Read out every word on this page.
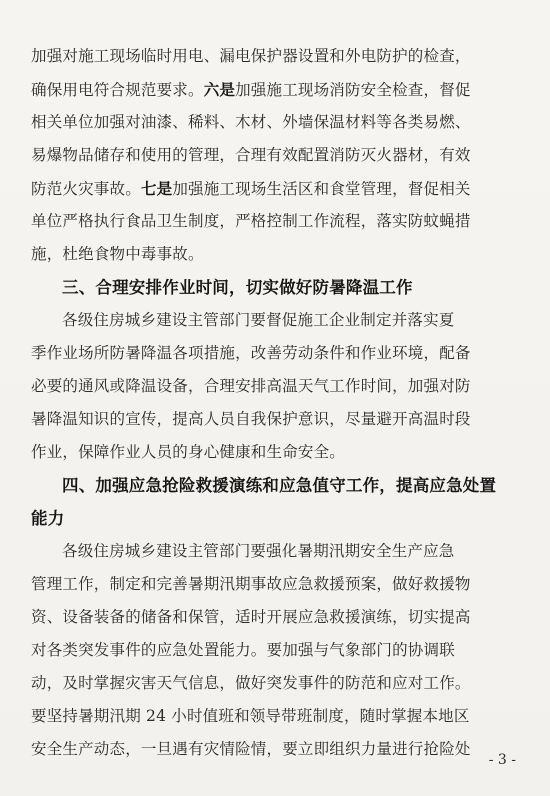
加强对施工现场临时用电、漏电保护器设置和外电防护的检查，
确保用电符合规范要求。六是加强施工现场消防安全检查，督促
相关单位加强对油漆、稀料、木材、外墙保温材料等各类易燃、
易爆物品储存和使用的管理，合理有效配置消防灭火器材，有效
防范火灾事故。七是加强施工现场生活区和食堂管理，督促相关
单位严格执行食品卫生制度，严格控制工作流程，落实防蚊蝇措
施，杜绝食物中毒事故。
三、合理安排作业时间，切实做好防暑降温工作
各级住房城乡建设主管部门要督促施工企业制定并落实夏
季作业场所防暑降温各项措施，改善劳动条件和作业环境，配备
必要的通风或降温设备，合理安排高温天气工作时间，加强对防
暑降温知识的宣传，提高人员自我保护意识，尽量避开高温时段
作业，保障作业人员的身心健康和生命安全。
四、加强应急抢险救援演练和应急值守工作，提高应急处置
能力
各级住房城乡建设主管部门要强化暑期汛期安全生产应急
管理工作，制定和完善暑期汛期事故应急救援预案，做好救援物
资、设备装备的储备和保管，适时开展应急救援演练，切实提高
对各类突发事件的应急处置能力。要加强与气象部门的协调联
动，及时掌握灾害天气信息，做好突发事件的防范和应对工作。
要坚持暑期汛期 24 小时值班和领导带班制度，随时掌握本地区
安全生产动态，一旦遇有灾情险情，要立即组织力量进行抢险处
- 3 -
